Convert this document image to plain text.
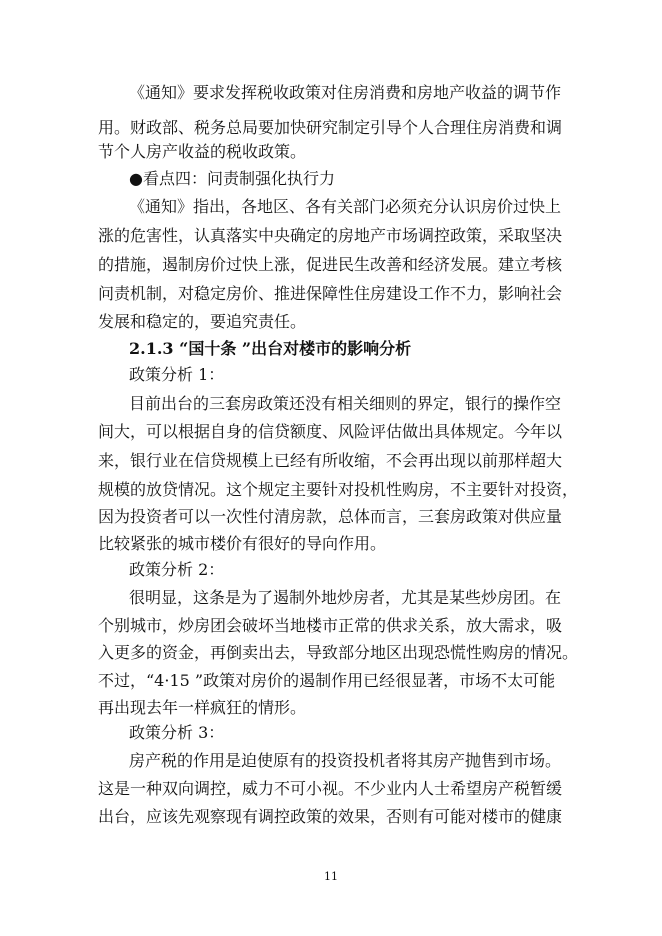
《通知》要求发挥税收政策对住房消费和房地产收益的调节作
用。财政部、税务总局要加快研究制定引导个人合理住房消费和调
节个人房产收益的税收政策。
●看点四：问责制强化执行力
《通知》指出，各地区、各有关部门必须充分认识房价过快上
涨的危害性，认真落实中央确定的房地产市场调控政策，采取坚决
的措施，遏制房价过快上涨，促进民生改善和经济发展。建立考核
问责机制，对稳定房价、推进保障性住房建设工作不力，影响社会
发展和稳定的，要追究责任。
2.1.3 “国十条 ”出台对楼市的影响分析
政策分析 1：
目前出台的三套房政策还没有相关细则的界定，银行的操作空
间大，可以根据自身的信贷额度、风险评估做出具体规定。今年以
来，银行业在信贷规模上已经有所收缩，不会再出现以前那样超大
规模的放贷情况。这个规定主要针对投机性购房，不主要针对投资，
因为投资者可以一次性付清房款，总体而言，三套房政策对供应量
比较紧张的城市楼价有很好的导向作用。
政策分析 2：
很明显，这条是为了遏制外地炒房者，尤其是某些炒房团。在
个别城市，炒房团会破坏当地楼市正常的供求关系，放大需求，吸
入更多的资金，再倒卖出去，导致部分地区出现恐慌性购房的情况。
不过，“4·15 ”政策对房价的遏制作用已经很显著，市场不太可能
再出现去年一样疯狂的情形。
政策分析 3：
房产税的作用是迫使原有的投资投机者将其房产抛售到市场。
这是一种双向调控，威力不可小视。不少业内人士希望房产税暂缓
出台，应该先观察现有调控政策的效果，否则有可能对楼市的健康
11
